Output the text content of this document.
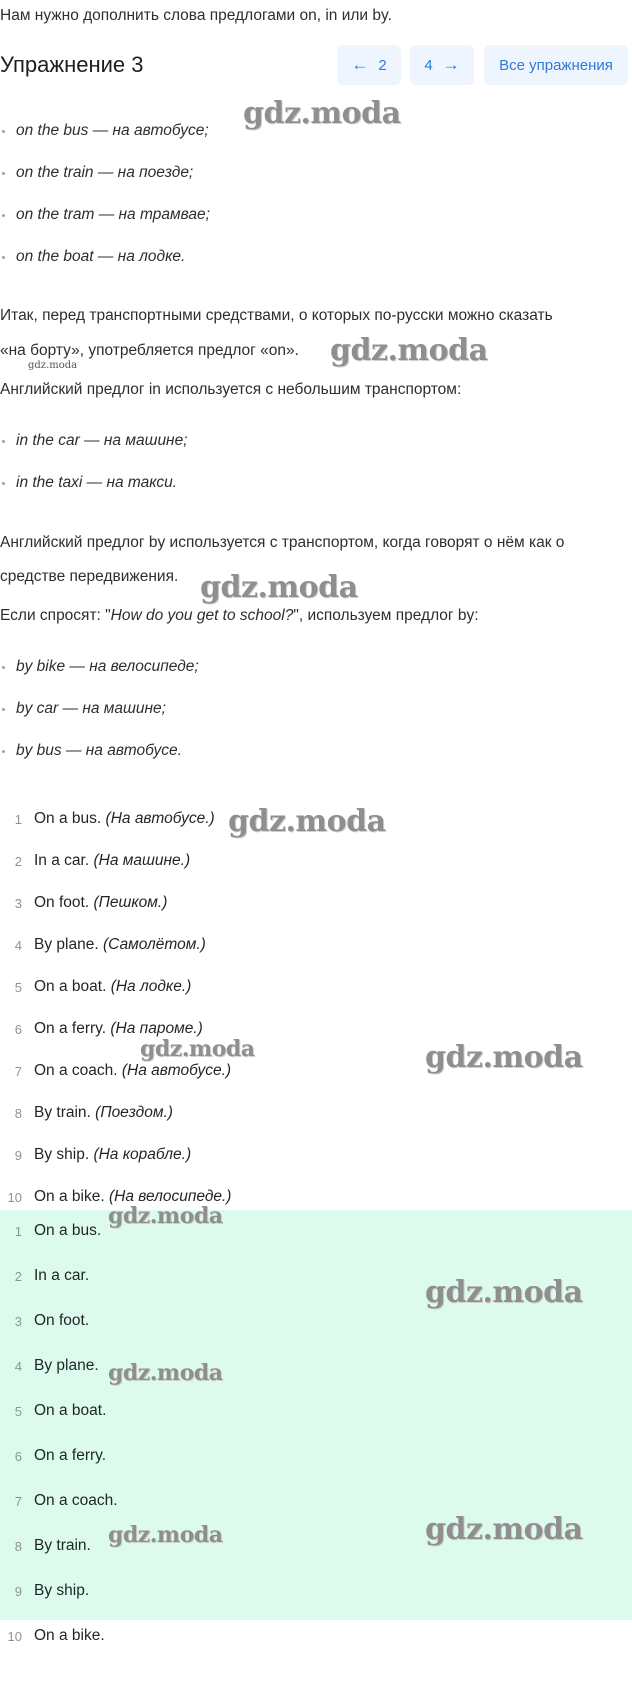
Нам нужно дополнить слова предлогами on, in или by.
Упражнение 3	← 2	4 →	Все упражнения
on the bus — на автобусе;
on the train — на поезде;
on the tram — на трамвае;
on the boat — на лодке.
Итак, перед транспортными средствами, о которых по-русски можно сказать
«на борту», употребляется предлог «on».
Английский предлог in используется с небольшим транспортом:
in the car — на машине;
in the taxi — на такси.
Английский предлог by используется с транспортом, когда говорят о нём как о
средстве передвижения.
Если спросят: "How do you get to school?", используем предлог by:
by bike — на велосипеде;
by car — на машине;
by bus — на автобусе.
1 On a bus. (На автобусе.)
2 In a car. (На машине.)
3 On foot. (Пешком.)
4 By plane. (Самолётом.)
5 On a boat. (На лодке.)
6 On a ferry. (На пароме.)
7 On a coach. (На автобусе.)
8 By train. (Поездом.)
9 By ship. (На корабле.)
10 On a bike. (На велосипеде.)
1 On a bus.
2 In a car.
3 On foot.
4 By plane.
5 On a boat.
6 On a ferry.
7 On a coach.
8 By train.
9 By ship.
10 On a bike.
gdz.moda
gdz.moda
gdz.moda
gdz.moda
gdz.moda
gdz.moda	gdz.moda
gdz.moda
gdz.moda
gdz.moda
gdz.moda
gdz.moda
